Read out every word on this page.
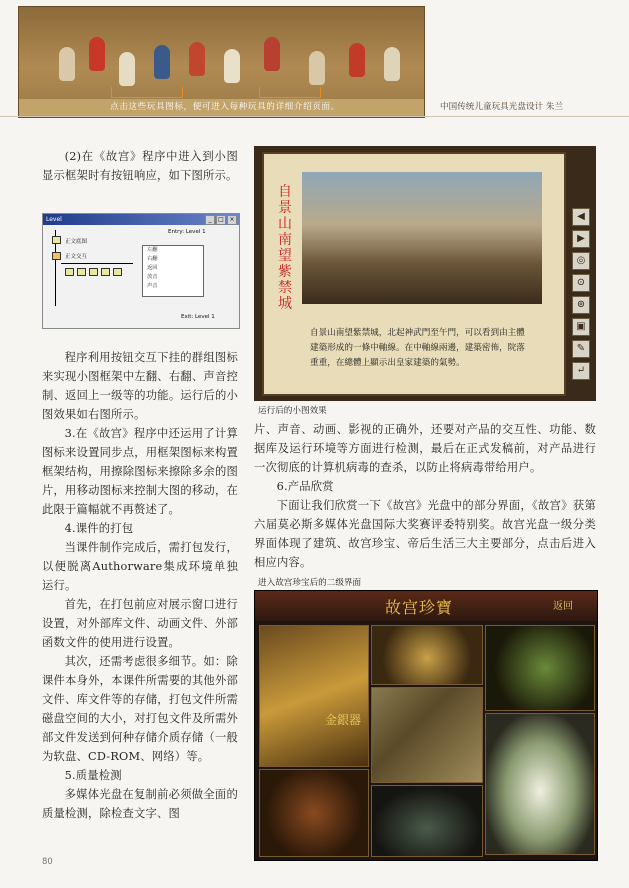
点击这些玩具图标，便可进入每种玩具的详细介绍页面。	中国传统儿童玩具光盘设计 朱兰
(2)在《故宫》程序中进入到小图显示框架时有按钮响应，如下图所示。
Level	_	□ ×
Entry: Level 1
正文底图
正文交互
左翻
右翻
返回
放音
声音
Exit: Level 1
程序利用按钮交互下挂的群组图标来实现小图框架中左翻、右翻、声音控制、返回上一级等的功能。运行后的小图效果如右图所示。
3.在《故宫》程序中还运用了计算图标来设置同步点，用框架图标来构置框架结构，用擦除图标来擦除多余的图片，用移动图标来控制大图的移动，在此限于篇幅就不再赘述了。
4.课件的打包
当课件制作完成后，需打包发行，以便脱离Authorware集成环境单独运行。
首先，在打包前应对展示窗口进行设置，对外部库文件、动画文件、外部函数文件的使用进行设置。
其次，还需考虑很多细节。如：除课件本身外，本课件所需要的其他外部文件、库文件等的存储，打包文件所需磁盘空间的大小，对打包文件及所需外部文件发送到何种存储介质存储（一般为软盘、CD-ROM、网络）等。
5.质量检测
多媒体光盘在复制前必须做全面的质量检测，除检查文字、图
自景山南望紫禁城
自景山南望紫禁城，北起神武門至午門，可以看到由主體建築形成的一條中軸線。在中軸線兩邊，建築密佈，院落重重，在總體上顯示出皇家建築的氣勢。
◀
▶
◎
⊙
⊚
▣
✎
↵
运行后的小图效果
片、声音、动画、影视的正确外，还要对产品的交互性、功能、数据库及运行环境等方面进行检测，最后在正式发稿前，对产品进行一次彻底的计算机病毒的查杀，以防止将病毒带给用户。
6.产品欣赏
下面让我们欣赏一下《故宫》光盘中的部分界面，《故宫》获第六届莫必斯多媒体光盘国际大奖赛评委特别奖。故宫光盘一级分类界面体现了建筑、故宫珍宝、帝后生活三大主要部分，点击后进入相应内容。
进入故宫珍宝后的二级界面
故宫珍寶	返回
金銀器
80
